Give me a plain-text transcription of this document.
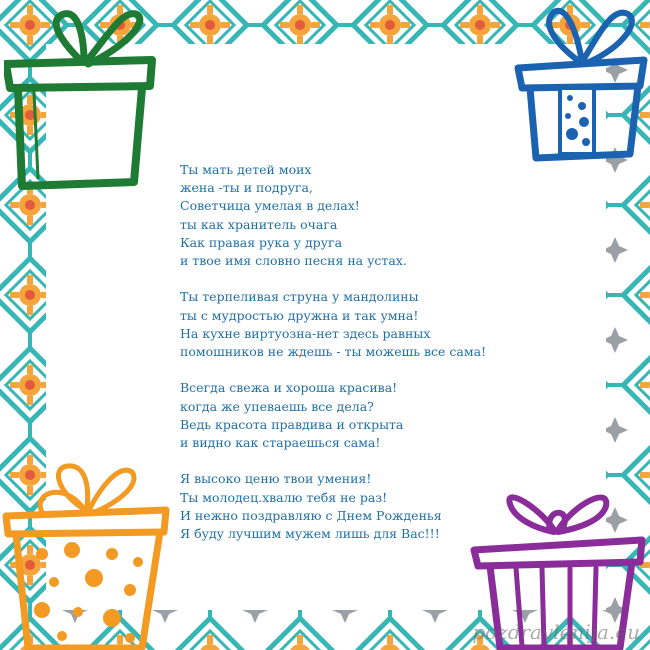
Ты мать детей моих
жена -ты и подруга,
Советчица умелая в делах!
ты как хранитель очага
Как правая рука у друга
и твое имя словно песня на устах.
Ты терпеливая струна у мандолины
ты с мудростью дружна и так умна!
На кухне виртуозна-нет здесь равных
помошников не ждешь - ты можешь все сама!
Всегда свежа и хороша красива!
когда же упеваешь все дела?
Ведь красота правдива и открыта
и видно как стараешься сама!
Я высоко ценю твои умения!
Ты молодец.хвалю тебя не раз!
И нежно поздравляю с Днем Рожденья
Я буду лучшим мужем лишь для Вас!!!
pozdravlenija.eu
